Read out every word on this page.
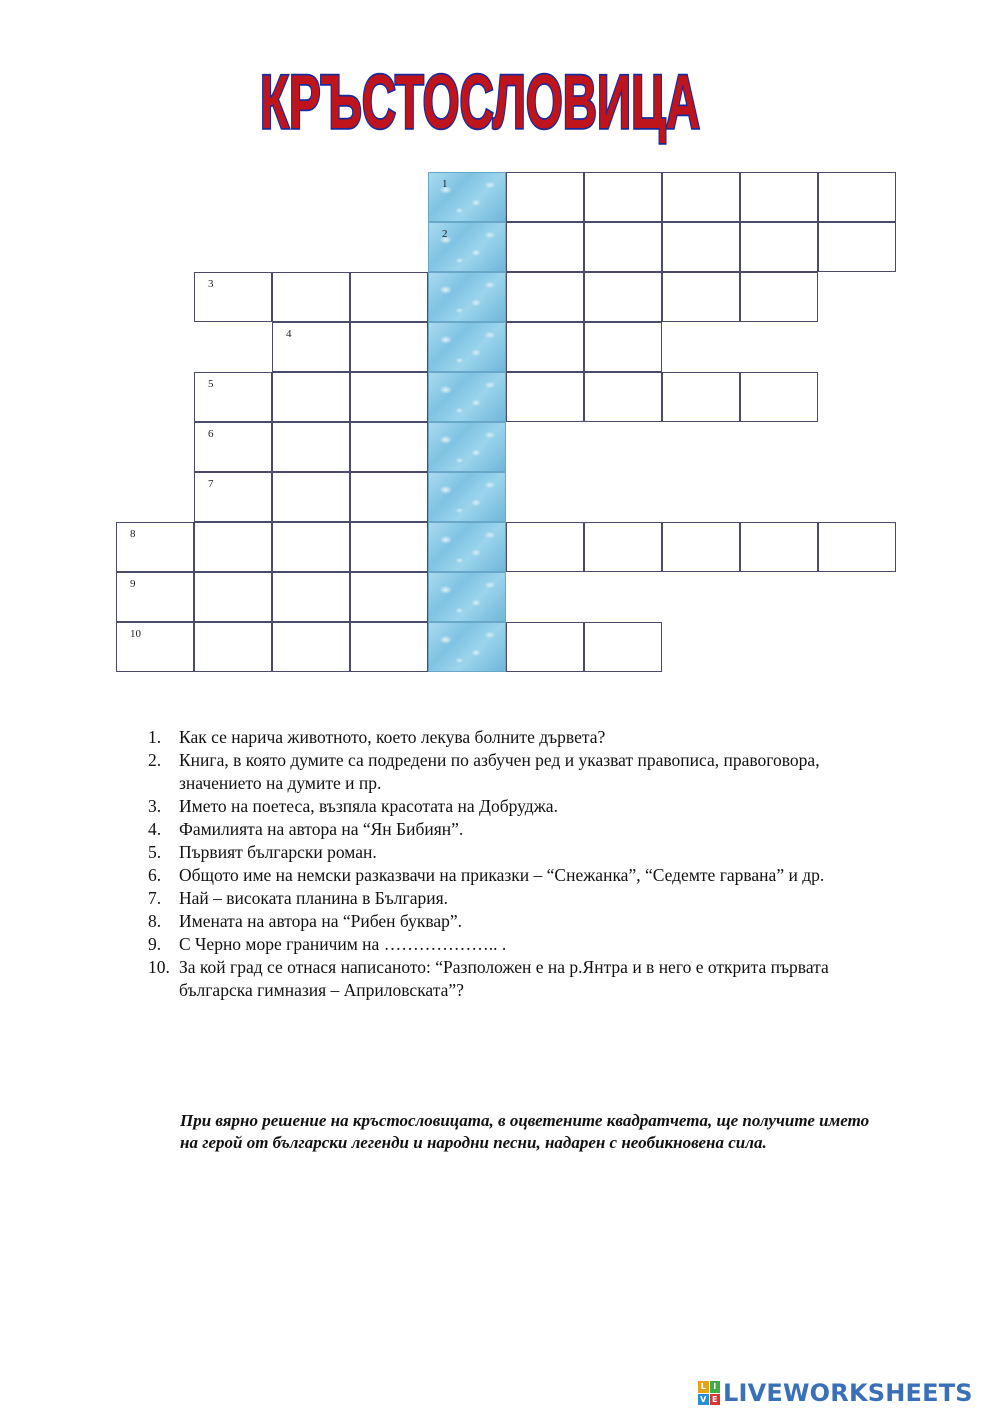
КРЪСТОСЛОВИЦА
1
2
3
4
5
6
7
8
9
10
1. Как се нарича животното, което лекува болните дървета?
2. Книга, в която думите са подредени по азбучен ред и указват правописа, правоговора, значението на думите и пр.
3. Името на поетеса, възпяла красотата на Добруджа.
4. Фамилията на автора на “Ян Бибиян”.
5. Първият български роман.
6. Общото име на немски разказвачи на приказки – “Снежанка”, “Седемте гарвана” и др.
7. Най – високата планина в България.
8. Имената на автора на “Рибен буквар”.
9. С Черно море граничим на ……………….. .
10. За кой град се отнася написаното: “Разположен е на р.Янтра и в него е открита първата българска гимназия – Априловската”?
При вярно решение на кръстословицата, в оцветените квадратчета, ще получите името на герой от български легенди и народни песни, надарен с необикновена сила.
L I
V E LIVEWORKSHEETS
